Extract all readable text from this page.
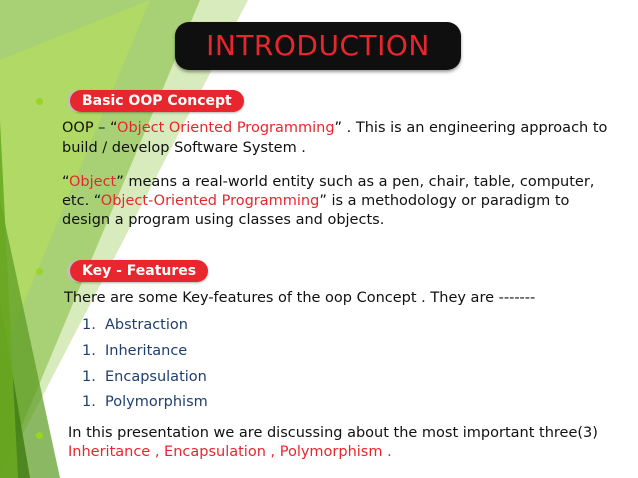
INTRODUCTION
Basic OOP Concept
OOP – “Object Oriented Programming” . This is an engineering approach to
build / develop Software System .
“Object” means a real-world entity such as a pen, chair, table, computer,
etc. “Object-Oriented Programming” is a methodology or paradigm to
design a program using classes and objects.
Key - Features
There are some Key-features of the oop Concept . They are -------
1. Abstraction
1. Inheritance
1. Encapsulation
1. Polymorphism
In this presentation we are discussing about the most important three(3)
Inheritance , Encapsulation , Polymorphism .
